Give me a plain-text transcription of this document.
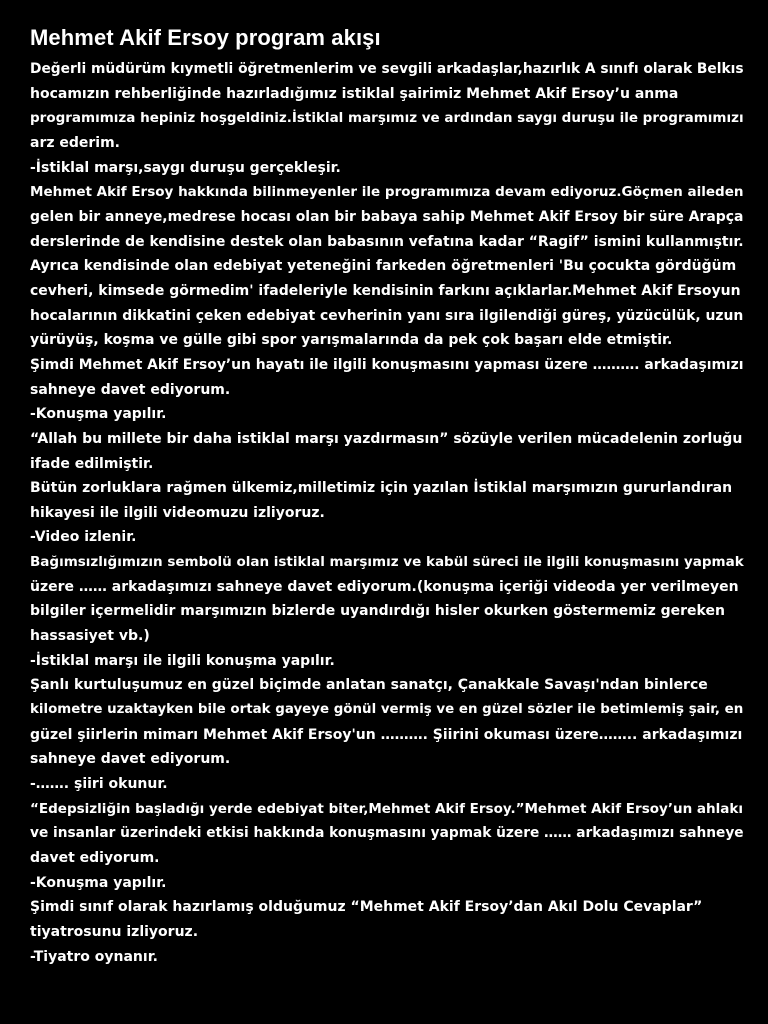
Mehmet Akif Ersoy program akışı
Değerli müdürüm kıymetli öğretmenlerim ve sevgili arkadaşlar,hazırlık A sınıfı olarak Belkıs
hocamızın rehberliğinde hazırladığımız istiklal şairimiz Mehmet Akif Ersoy’u anma
programımıza hepiniz hoşgeldiniz.İstiklal marşımız ve ardından saygı duruşu ile programımızı
arz ederim.
-İstiklal marşı,saygı duruşu gerçekleşir.
Mehmet Akif Ersoy hakkında bilinmeyenler ile programımıza devam ediyoruz.Göçmen aileden
gelen bir anneye,medrese hocası olan bir babaya sahip Mehmet Akif Ersoy bir süre Arapça
derslerinde de kendisine destek olan babasının vefatına kadar “Ragif” ismini kullanmıştır.
Ayrıca kendisinde olan edebiyat yeteneğini farkeden öğretmenleri 'Bu çocukta gördüğüm
cevheri, kimsede görmedim' ifadeleriyle kendisinin farkını açıklarlar.Mehmet Akif Ersoyun
hocalarının dikkatini çeken edebiyat cevherinin yanı sıra ilgilendiği güreş, yüzücülük, uzun
yürüyüş, koşma ve gülle gibi spor yarışmalarında da pek çok başarı elde etmiştir.
Şimdi Mehmet Akif Ersoy’un hayatı ile ilgili konuşmasını yapması üzere ………. arkadaşımızı
sahneye davet ediyorum.
-Konuşma yapılır.
“Allah bu millete bir daha istiklal marşı yazdırmasın” sözüyle verilen mücadelenin zorluğu
ifade edilmiştir.
Bütün zorluklara rağmen ülkemiz,milletimiz için yazılan İstiklal marşımızın gururlandıran
hikayesi ile ilgili videomuzu izliyoruz.
-Video izlenir.
Bağımsızlığımızın sembolü olan istiklal marşımız ve kabül süreci ile ilgili konuşmasını yapmak
üzere …… arkadaşımızı sahneye davet ediyorum.(konuşma içeriği videoda yer verilmeyen
bilgiler içermelidir marşımızın bizlerde uyandırdığı hisler okurken göstermemiz gereken
hassasiyet vb.)
-İstiklal marşı ile ilgili konuşma yapılır.
Şanlı kurtuluşumuz en güzel biçimde anlatan sanatçı, Çanakkale Savaşı'ndan binlerce
kilometre uzaktayken bile ortak gayeye gönül vermiş ve en güzel sözler ile betimlemiş şair, en
güzel şiirlerin mimarı Mehmet Akif Ersoy'un ………. Şiirini okuması üzere…….. arkadaşımızı
sahneye davet ediyorum.
-……. şiiri okunur.
“Edepsizliğin başladığı yerde edebiyat biter,Mehmet Akif Ersoy.”Mehmet Akif Ersoy’un ahlakı
ve insanlar üzerindeki etkisi hakkında konuşmasını yapmak üzere …… arkadaşımızı sahneye
davet ediyorum.
-Konuşma yapılır.
Şimdi sınıf olarak hazırlamış olduğumuz “Mehmet Akif Ersoy’dan Akıl Dolu Cevaplar”
tiyatrosunu izliyoruz.
-Tiyatro oynanır.
